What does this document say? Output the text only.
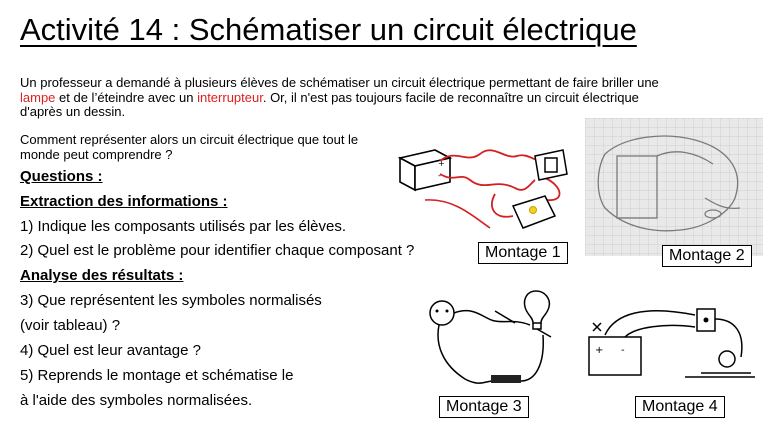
Activité 14 : Schématiser un circuit électrique
Un professeur a demandé à plusieurs élèves de schématiser un circuit électrique permettant de faire briller une lampe et de l’éteindre avec un interrupteur. Or, il n'est pas toujours facile de reconnaître un circuit électrique d'après un dessin.
Comment représenter alors un circuit électrique que tout le monde peut comprendre ?
Questions :
Extraction des informations :
1) Indique les composants utilisés par les élèves.
2) Quel est le problème pour identifier chaque composant ?
Analyse des résultats :
3) Que représentent les symboles normalisés
(voir tableau) ?
4) Quel est leur avantage ?
5) Reprends le montage et schématise le
à l'aide des symboles normalisées.
+
-
Montage 1	Montage 2
Montage 3
+ -
Montage 4
